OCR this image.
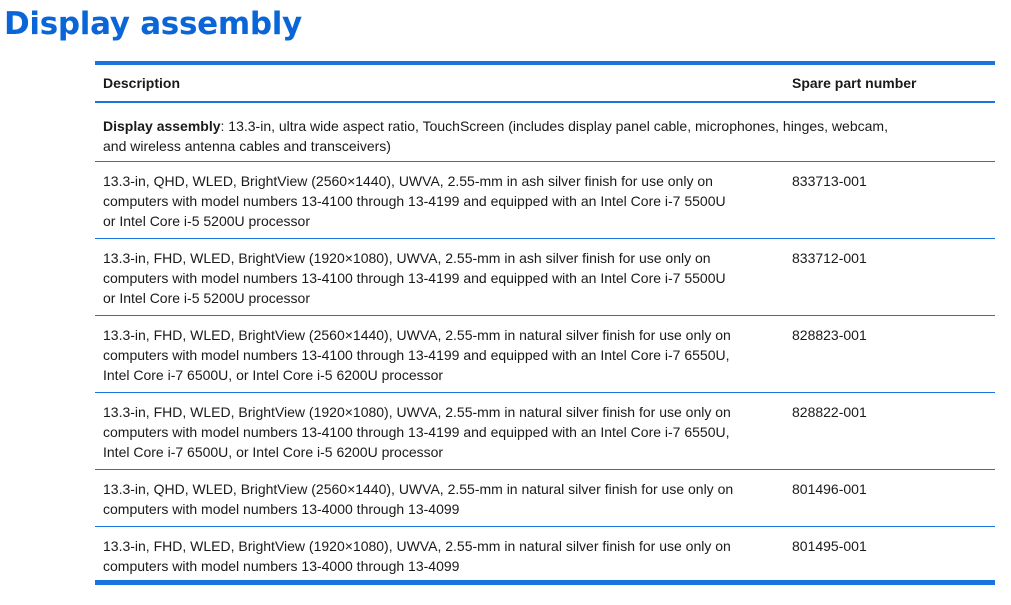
Display assembly
Description	Spare part number
Display assembly: 13.3-in, ultra wide aspect ratio, TouchScreen (includes display panel cable, microphones, hinges, webcam,
and wireless antenna cables and transceivers)
13.3-in, QHD, WLED, BrightView (2560×1440), UWVA, 2.55-mm in ash silver finish for use only on
computers with model numbers 13-4100 through 13-4199 and equipped with an Intel Core i-7 5500U
or Intel Core i-5 5200U processor
833713-001
13.3-in, FHD, WLED, BrightView (1920×1080), UWVA, 2.55-mm in ash silver finish for use only on
computers with model numbers 13-4100 through 13-4199 and equipped with an Intel Core i-7 5500U
or Intel Core i-5 5200U processor
833712-001
13.3-in, FHD, WLED, BrightView (2560×1440), UWVA, 2.55-mm in natural silver finish for use only on
computers with model numbers 13-4100 through 13-4199 and equipped with an Intel Core i-7 6550U,
Intel Core i-7 6500U, or Intel Core i-5 6200U processor
828823-001
13.3-in, FHD, WLED, BrightView (1920×1080), UWVA, 2.55-mm in natural silver finish for use only on
computers with model numbers 13-4100 through 13-4199 and equipped with an Intel Core i-7 6550U,
Intel Core i-7 6500U, or Intel Core i-5 6200U processor
828822-001
13.3-in, QHD, WLED, BrightView (2560×1440), UWVA, 2.55-mm in natural silver finish for use only on
computers with model numbers 13-4000 through 13-4099
801496-001
13.3-in, FHD, WLED, BrightView (1920×1080), UWVA, 2.55-mm in natural silver finish for use only on
computers with model numbers 13-4000 through 13-4099
801495-001
